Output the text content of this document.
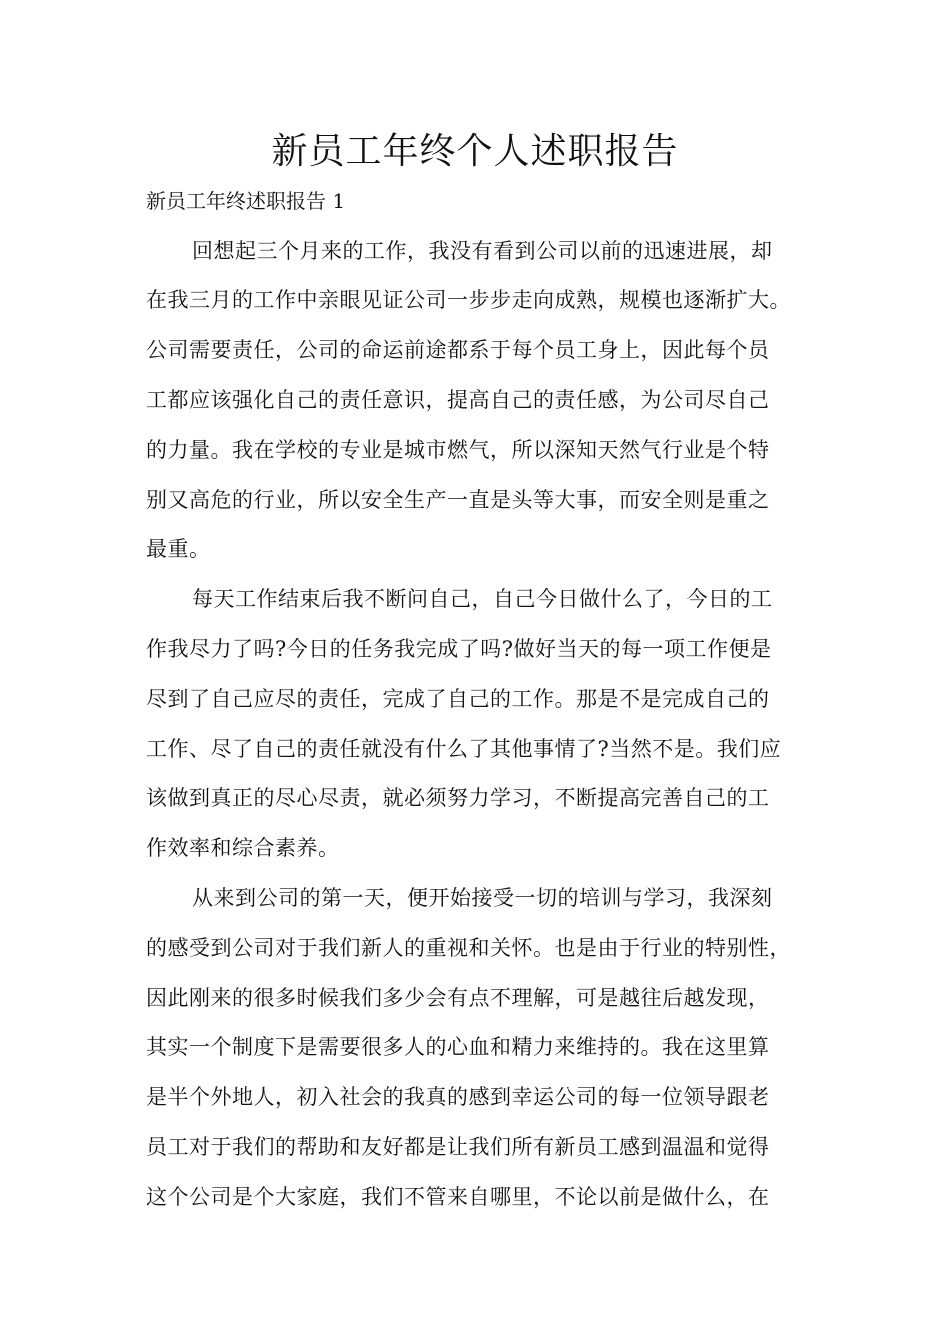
新员工年终个人述职报告

新员工年终述职报告 1

回想起三个月来的工作，我没有看到公司以前的迅速进展，却

在我三月的工作中亲眼见证公司一步步走向成熟，规模也逐渐扩大。

公司需要责任，公司的命运前途都系于每个员工身上，因此每个员

工都应该强化自己的责任意识，提高自己的责任感，为公司尽自己

的力量。我在学校的专业是城市燃气，所以深知天然气行业是个特

别又高危的行业，所以安全生产一直是头等大事，而安全则是重之

最重。

每天工作结束后我不断问自己，自己今日做什么了，今日的工

作我尽力了吗?今日的任务我完成了吗?做好当天的每一项工作便是

尽到了自己应尽的责任，完成了自己的工作。那是不是完成自己的

工作、尽了自己的责任就没有什么了其他事情了?当然不是。我们应

该做到真正的尽心尽责，就必须努力学习，不断提高完善自己的工

作效率和综合素养。

从来到公司的第一天，便开始接受一切的培训与学习，我深刻

的感受到公司对于我们新人的重视和关怀。也是由于行业的特别性，

因此刚来的很多时候我们多少会有点不理解，可是越往后越发现，

其实一个制度下是需要很多人的心血和精力来维持的。我在这里算

是半个外地人，初入社会的我真的感到幸运公司的每一位领导跟老

员工对于我们的帮助和友好都是让我们所有新员工感到温温和觉得

这个公司是个大家庭，我们不管来自哪里，不论以前是做什么，在
